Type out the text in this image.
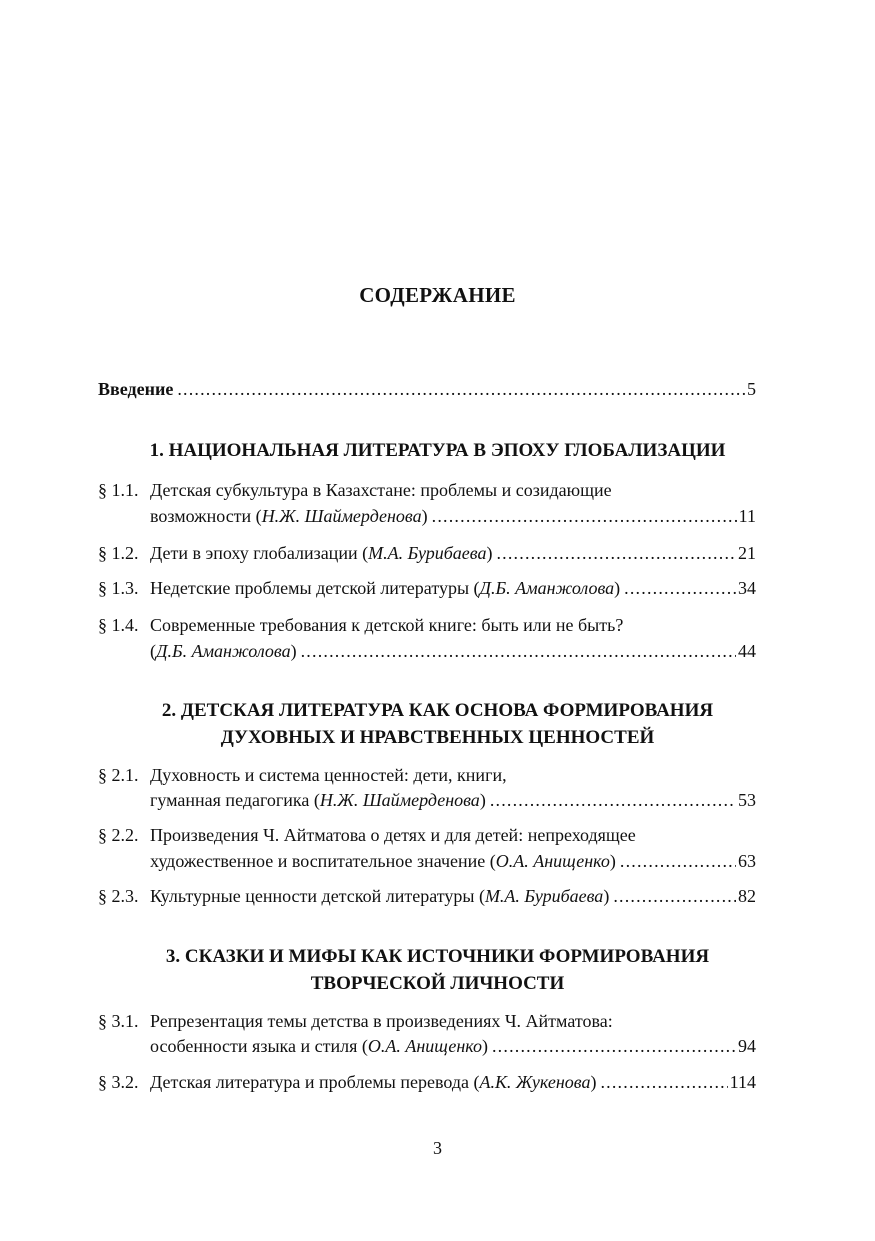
СОДЕРЖАНИЕ
Введение .....	5
1. НАЦИОНАЛЬНАЯ ЛИТЕРАТУРА В ЭПОХУ ГЛОБАЛИЗАЦИИ
§ 1.1. Детская субкультура в Казахстане: проблемы и созидающие
возможности (Н.Ж. Шаймерденова) .....	11
§ 1.2. Дети в эпоху глобализации (М.А. Бурибаева) .....	21
§ 1.3. Недетские проблемы детской литературы (Д.Б. Аманжолова) .....	34
§ 1.4. Современные требования к детской книге: быть или не быть?
(Д.Б. Аманжолова) .....	44
2. ДЕТСКАЯ ЛИТЕРАТУРА КАК ОСНОВА ФОРМИРОВАНИЯ
ДУХОВНЫХ И НРАВСТВЕННЫХ ЦЕННОСТЕЙ
§ 2.1. Духовность и система ценностей: дети, книги,
гуманная педагогика (Н.Ж. Шаймерденова) .....	53
§ 2.2. Произведения Ч. Айтматова о детях и для детей: непреходящее
художественное и воспитательное значение (О.А. Анищенко) .....	63
§ 2.3. Культурные ценности детской литературы (М.А. Бурибаева) .....	82
3. СКАЗКИ И МИФЫ КАК ИСТОЧНИКИ ФОРМИРОВАНИЯ
ТВОРЧЕСКОЙ ЛИЧНОСТИ
§ 3.1. Репрезентация темы детства в произведениях Ч. Айтматова:
особенности языка и стиля (О.А. Анищенко) .....	94
§ 3.2. Детская литература и проблемы перевода (А.К. Жукенова) .....	114
3
